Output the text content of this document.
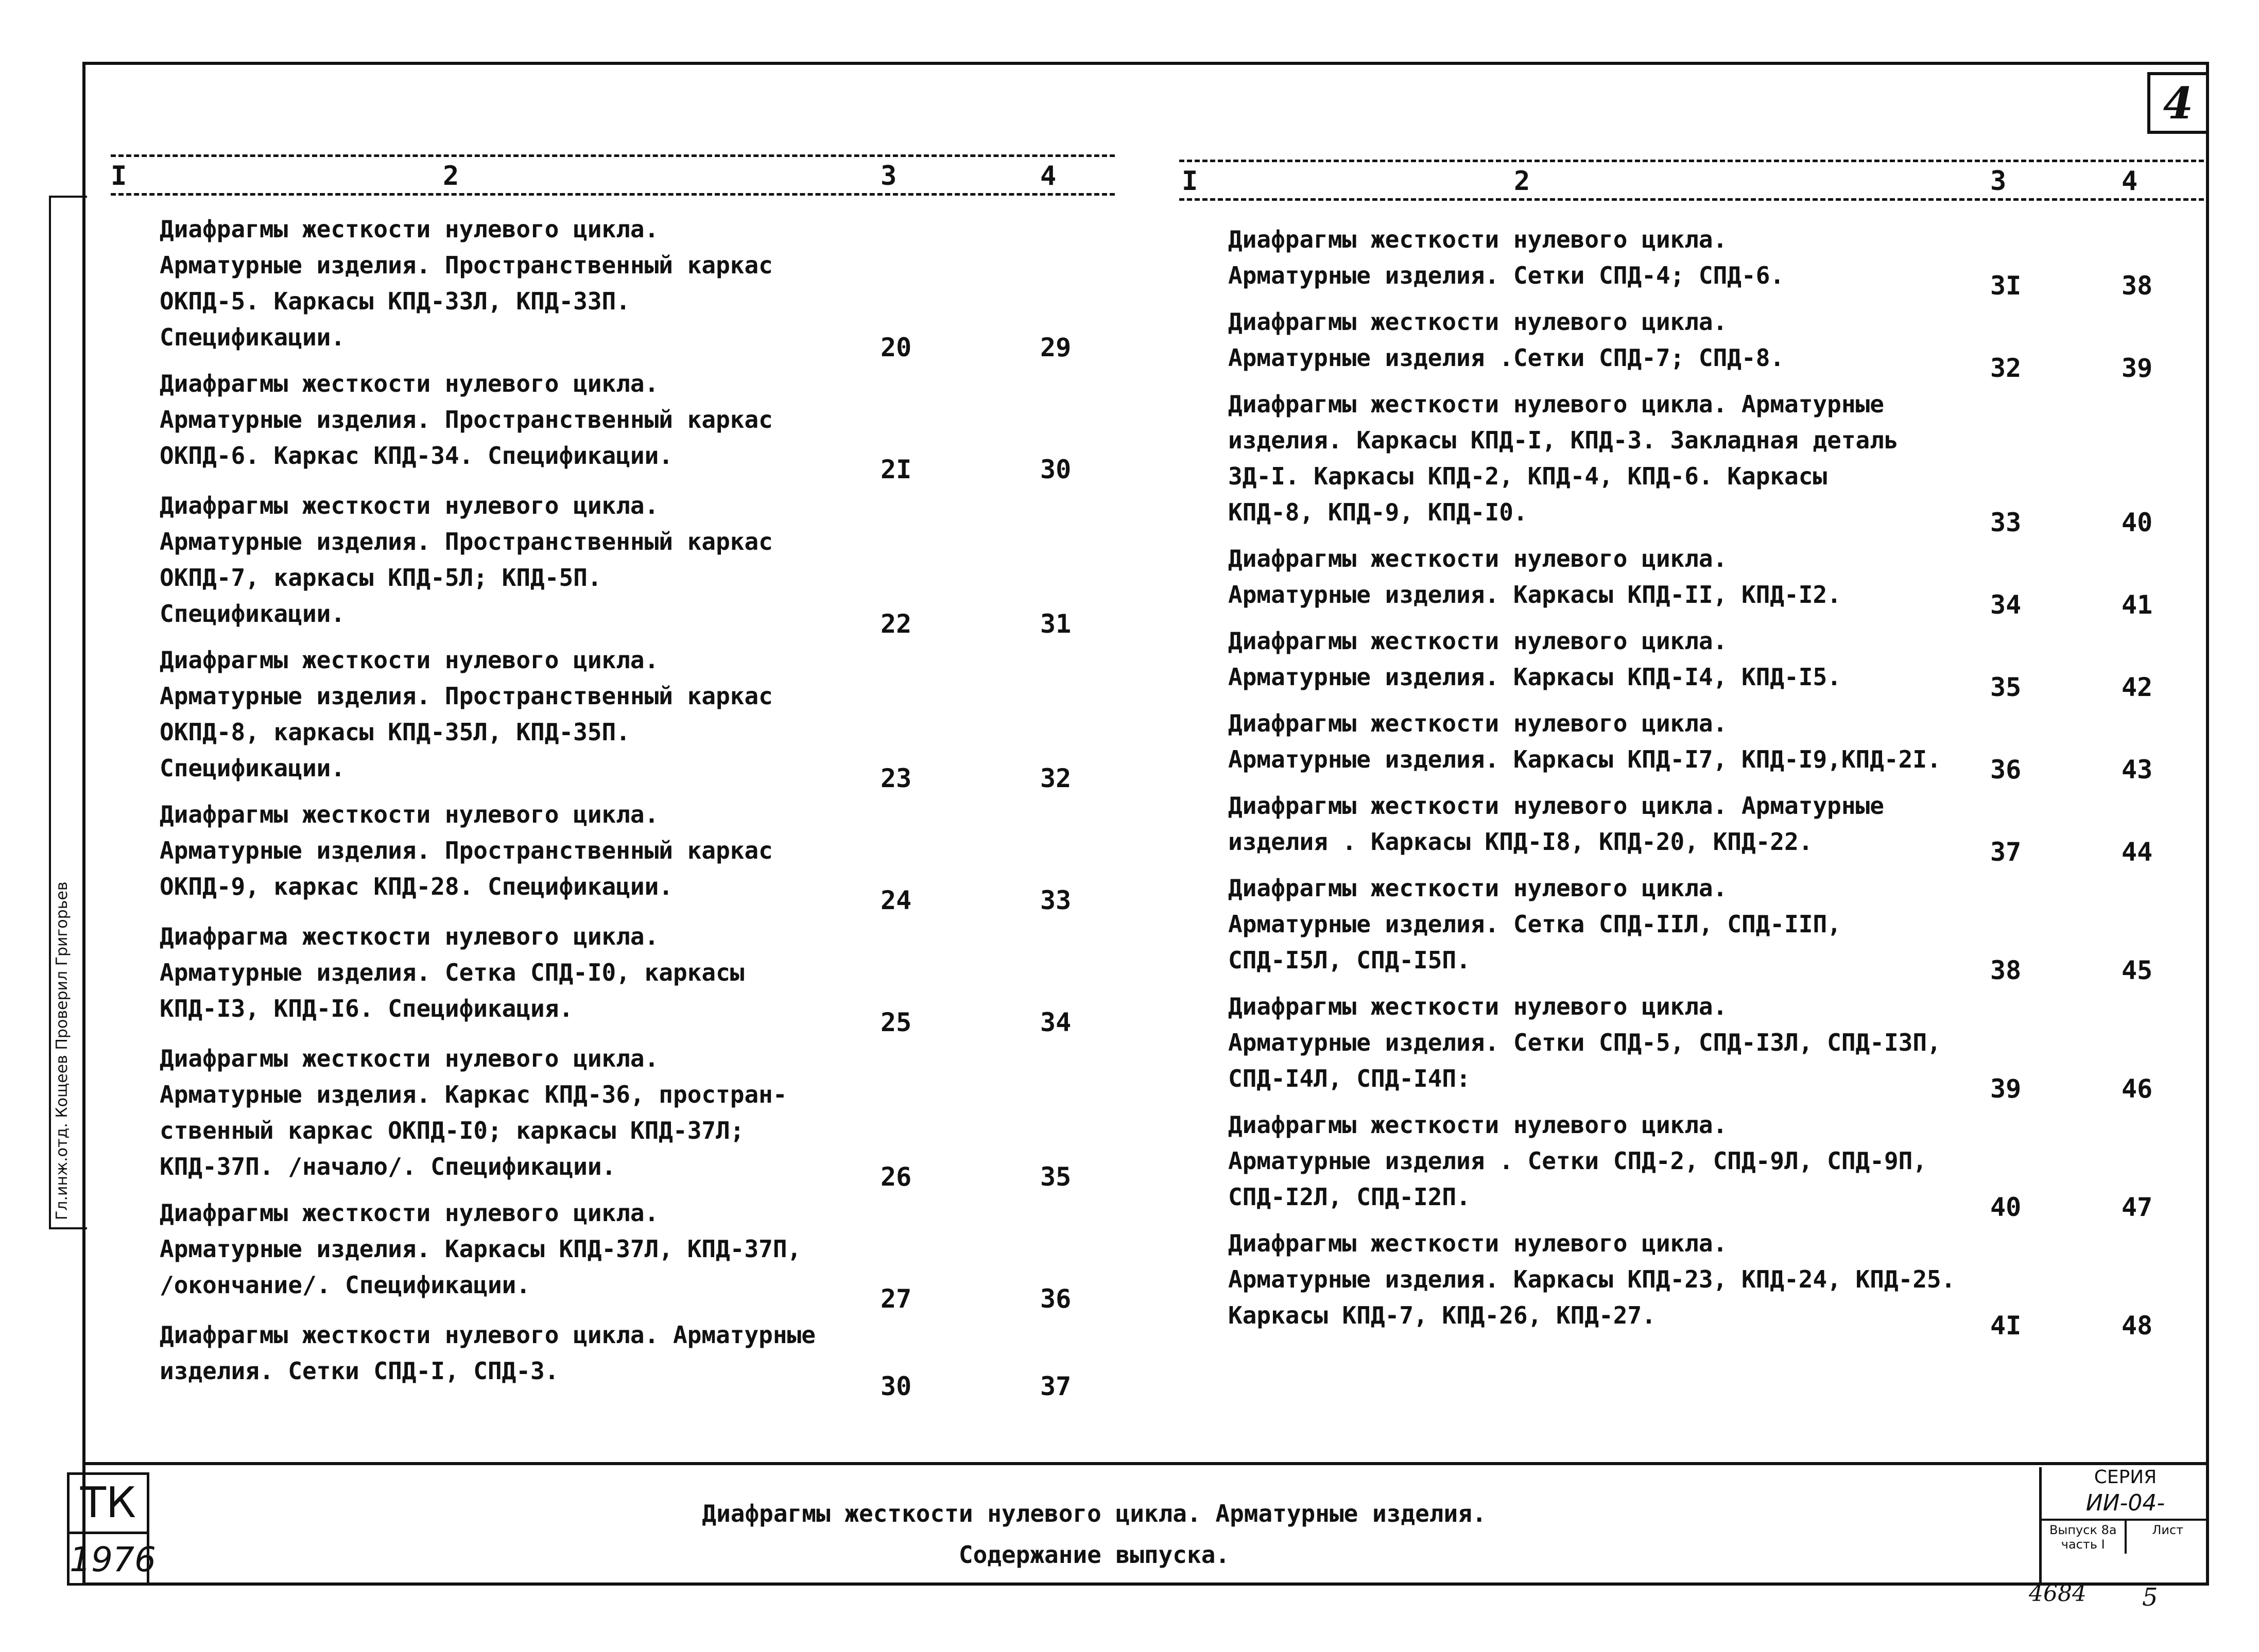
4
Гл.инж.отд. Кощеев Проверил Григорьев
I	2	3	4	I	2	3	4
Диафрагмы жесткости нулевого цикла.
Арматурные изделия. Пространственный каркас
ОКПД-5. Каркасы КПД-33Л, КПД-33П.
Спецификации.	20	29
Диафрагмы жесткости нулевого цикла.
Арматурные изделия. Пространственный каркас
ОКПД-6. Каркас КПД-34. Спецификации.	2I	30
Диафрагмы жесткости нулевого цикла.
Арматурные изделия. Пространственный каркас
ОКПД-7, каркасы КПД-5Л; КПД-5П.
Спецификации.	22	31
Диафрагмы жесткости нулевого цикла.
Арматурные изделия. Пространственный каркас
ОКПД-8, каркасы КПД-35Л, КПД-35П.
Спецификации.	23	32
Диафрагмы жесткости нулевого цикла.
Арматурные изделия. Пространственный каркас
ОКПД-9, каркас КПД-28. Спецификации.	24	33
Диафрагма жесткости нулевого цикла.
Арматурные изделия. Сетка СПД-I0, каркасы
КПД-I3, КПД-I6. Спецификация.	25	34
Диафрагмы жесткости нулевого цикла.
Арматурные изделия. Каркас КПД-36, простран-
ственный каркас ОКПД-I0; каркасы КПД-37Л;
КПД-37П. /начало/. Спецификации.	26	35
Диафрагмы жесткости нулевого цикла.
Арматурные изделия. Каркасы КПД-37Л, КПД-37П,
/окончание/. Спецификации.	27	36
Диафрагмы жесткости нулевого цикла. Арматурные
изделия. Сетки СПД-I, СПД-3.
30	37
Диафрагмы жесткости нулевого цикла.
Арматурные изделия. Сетки СПД-4; СПД-6.	3I	38
Диафрагмы жесткости нулевого цикла.
Арматурные изделия .Сетки СПД-7; СПД-8.	32	39
Диафрагмы жесткости нулевого цикла. Арматурные
изделия. Каркасы КПД-I, КПД-3. Закладная деталь
ЗД-I. Каркасы КПД-2, КПД-4, КПД-6. Каркасы
КПД-8, КПД-9, КПД-I0.	33	40
Диафрагмы жесткости нулевого цикла.
Арматурные изделия. Каркасы КПД-II, КПД-I2.	34	41
Диафрагмы жесткости нулевого цикла.
Арматурные изделия. Каркасы КПД-I4, КПД-I5.	35	42
Диафрагмы жесткости нулевого цикла.
Арматурные изделия. Каркасы КПД-I7, КПД-I9,КПД-2I.	36	43
Диафрагмы жесткости нулевого цикла. Арматурные
изделия . Каркасы КПД-I8, КПД-20, КПД-22.	37	44
Диафрагмы жесткости нулевого цикла.
Арматурные изделия. Сетка СПД-IIЛ, СПД-IIП,
СПД-I5Л, СПД-I5П.	38	45
Диафрагмы жесткости нулевого цикла.
Арматурные изделия. Сетки СПД-5, СПД-I3Л, СПД-I3П,
СПД-I4Л, СПД-I4П:	39	46
Диафрагмы жесткости нулевого цикла.
Арматурные изделия . Сетки СПД-2, СПД-9Л, СПД-9П,
СПД-I2Л, СПД-I2П.	40	47
Диафрагмы жесткости нулевого цикла.
Арматурные изделия. Каркасы КПД-23, КПД-24, КПД-25.
Каркасы КПД-7, КПД-26, КПД-27.	4I	48
ТК
1976
Диафрагмы жесткости нулевого цикла. Арматурные изделия.
Содержание выпуска.
СЕРИЯ
ИИ-04-
Выпуск 8а часть I
Лист
4684 5
